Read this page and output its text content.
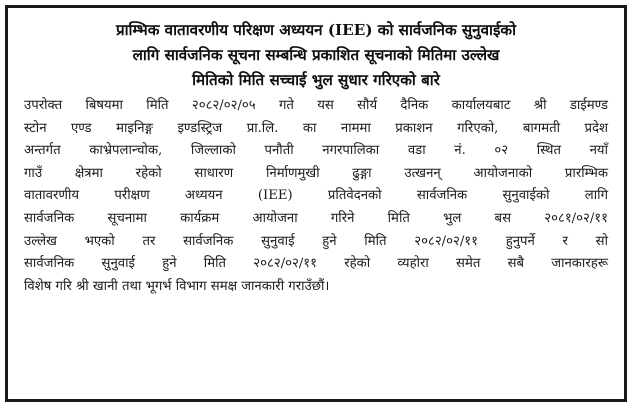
प्राम्भिक वातावरणीय परिक्षण अध्ययन (IEE) को सार्वजनिक सुनुवाईको
लागि सार्वजनिक सूचना सम्बन्धि प्रकाशित सूचनाको मितिमा उल्लेख
मितिको मिति सच्चाई भुल सुधार गरिएको बारे
उपरोक्त बिषयमा मिति २०८२/०२/०५ गते यस सौर्य दैनिक कार्यालयबाट श्री डाईमण्ड
स्टोन एण्ड माइनिङ्ग इण्डस्ट्रिज प्रा.लि. का नाममा प्रकाशन गरिएको, बागमती प्रदेश
अन्तर्गत काभ्रेपलान्चोक, जिल्लाको पनौती नगरपालिका वडा नं. ०२ स्थित नयाँ
गाउँ क्षेत्रमा रहेको साधारण निर्माणमुखी ढुङ्गा उत्खनन् आयोजनाको प्रारम्भिक
वातावरणीय परीक्षण अध्ययन (IEE) प्रतिवेदनको सार्वजनिक सुनुवाईको लागि
सार्वजनिक सूचनामा कार्यक्रम आयोजना गरिने मिति भुल बस २०८१/०२/११
उल्लेख भएको तर सार्वजनिक सुनुवाई हुने मिति २०८२/०२/११ हुनुपर्ने र सो
सार्वजनिक सुनुवाई हुने मिति २०८२/०२/११ रहेको व्यहोरा समेत सबै जानकारहरू
विशेष गरि श्री खानी तथा भूगर्भ विभाग समक्ष जानकारी गराउँछौं।
